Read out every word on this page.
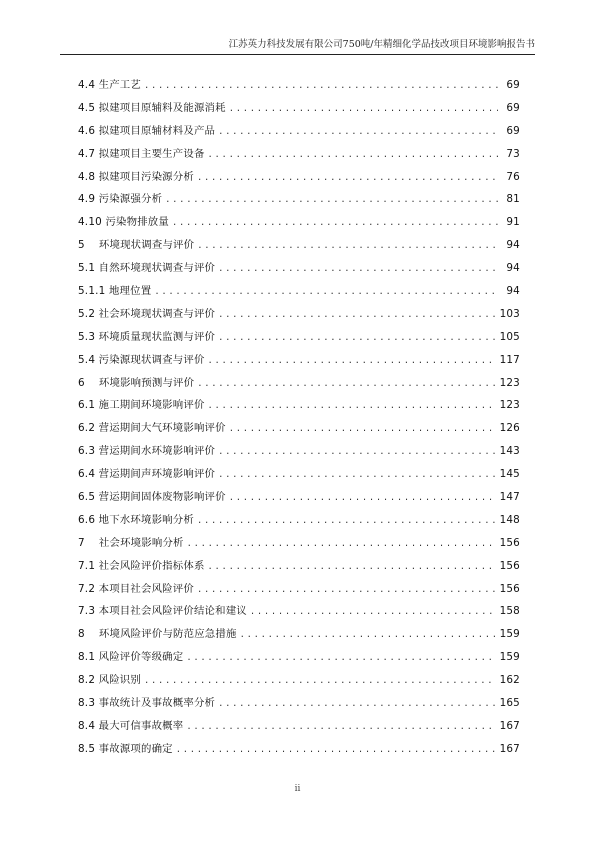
江苏英力科技发展有限公司750吨/年精细化学品技改项目环境影响报告书
4.4 生产工艺 . . .	69
4.5 拟建项目原辅料及能源消耗 . . .	69
4.6 拟建项目原辅材料及产品 . . .	69
4.7 拟建项目主要生产设备 . . .	73
4.8 拟建项目污染源分析 . . .	76
4.9 污染源强分析 . . .	81
4.10 污染物排放量 . . .	91
5　 环境现状调查与评价 . . .	94
5.1 自然环境现状调查与评价 . . .	94
5.1.1 地理位置 . . .	94
5.2 社会环境现状调查与评价 . . .	103
5.3 环境质量现状监测与评价 . . .	105
5.4 污染源现状调查与评价 . . .	117
6　 环境影响预测与评价 . . .	123
6.1 施工期间环境影响评价 . . .	123
6.2 营运期间大气环境影响评价 . . .	126
6.3 营运期间水环境影响评价 . . .	143
6.4 营运期间声环境影响评价 . . .	145
6.5 营运期间固体废物影响评价 . . .	147
6.6 地下水环境影响分析 . . .	148
7　 社会环境影响分析 . . .	156
7.1 社会风险评价指标体系 . . .	156
7.2 本项目社会风险评价 . . .	156
7.3 本项目社会风险评价结论和建议 . . .	158
8　 环境风险评价与防范应急措施 . . .	159
8.1 风险评价等级确定 . . .	159
8.2 风险识别 . . .	162
8.3 事故统计及事故概率分析 . . .	165
8.4 最大可信事故概率 . . .	167
8.5 事故源项的确定 . . .	167
ii
